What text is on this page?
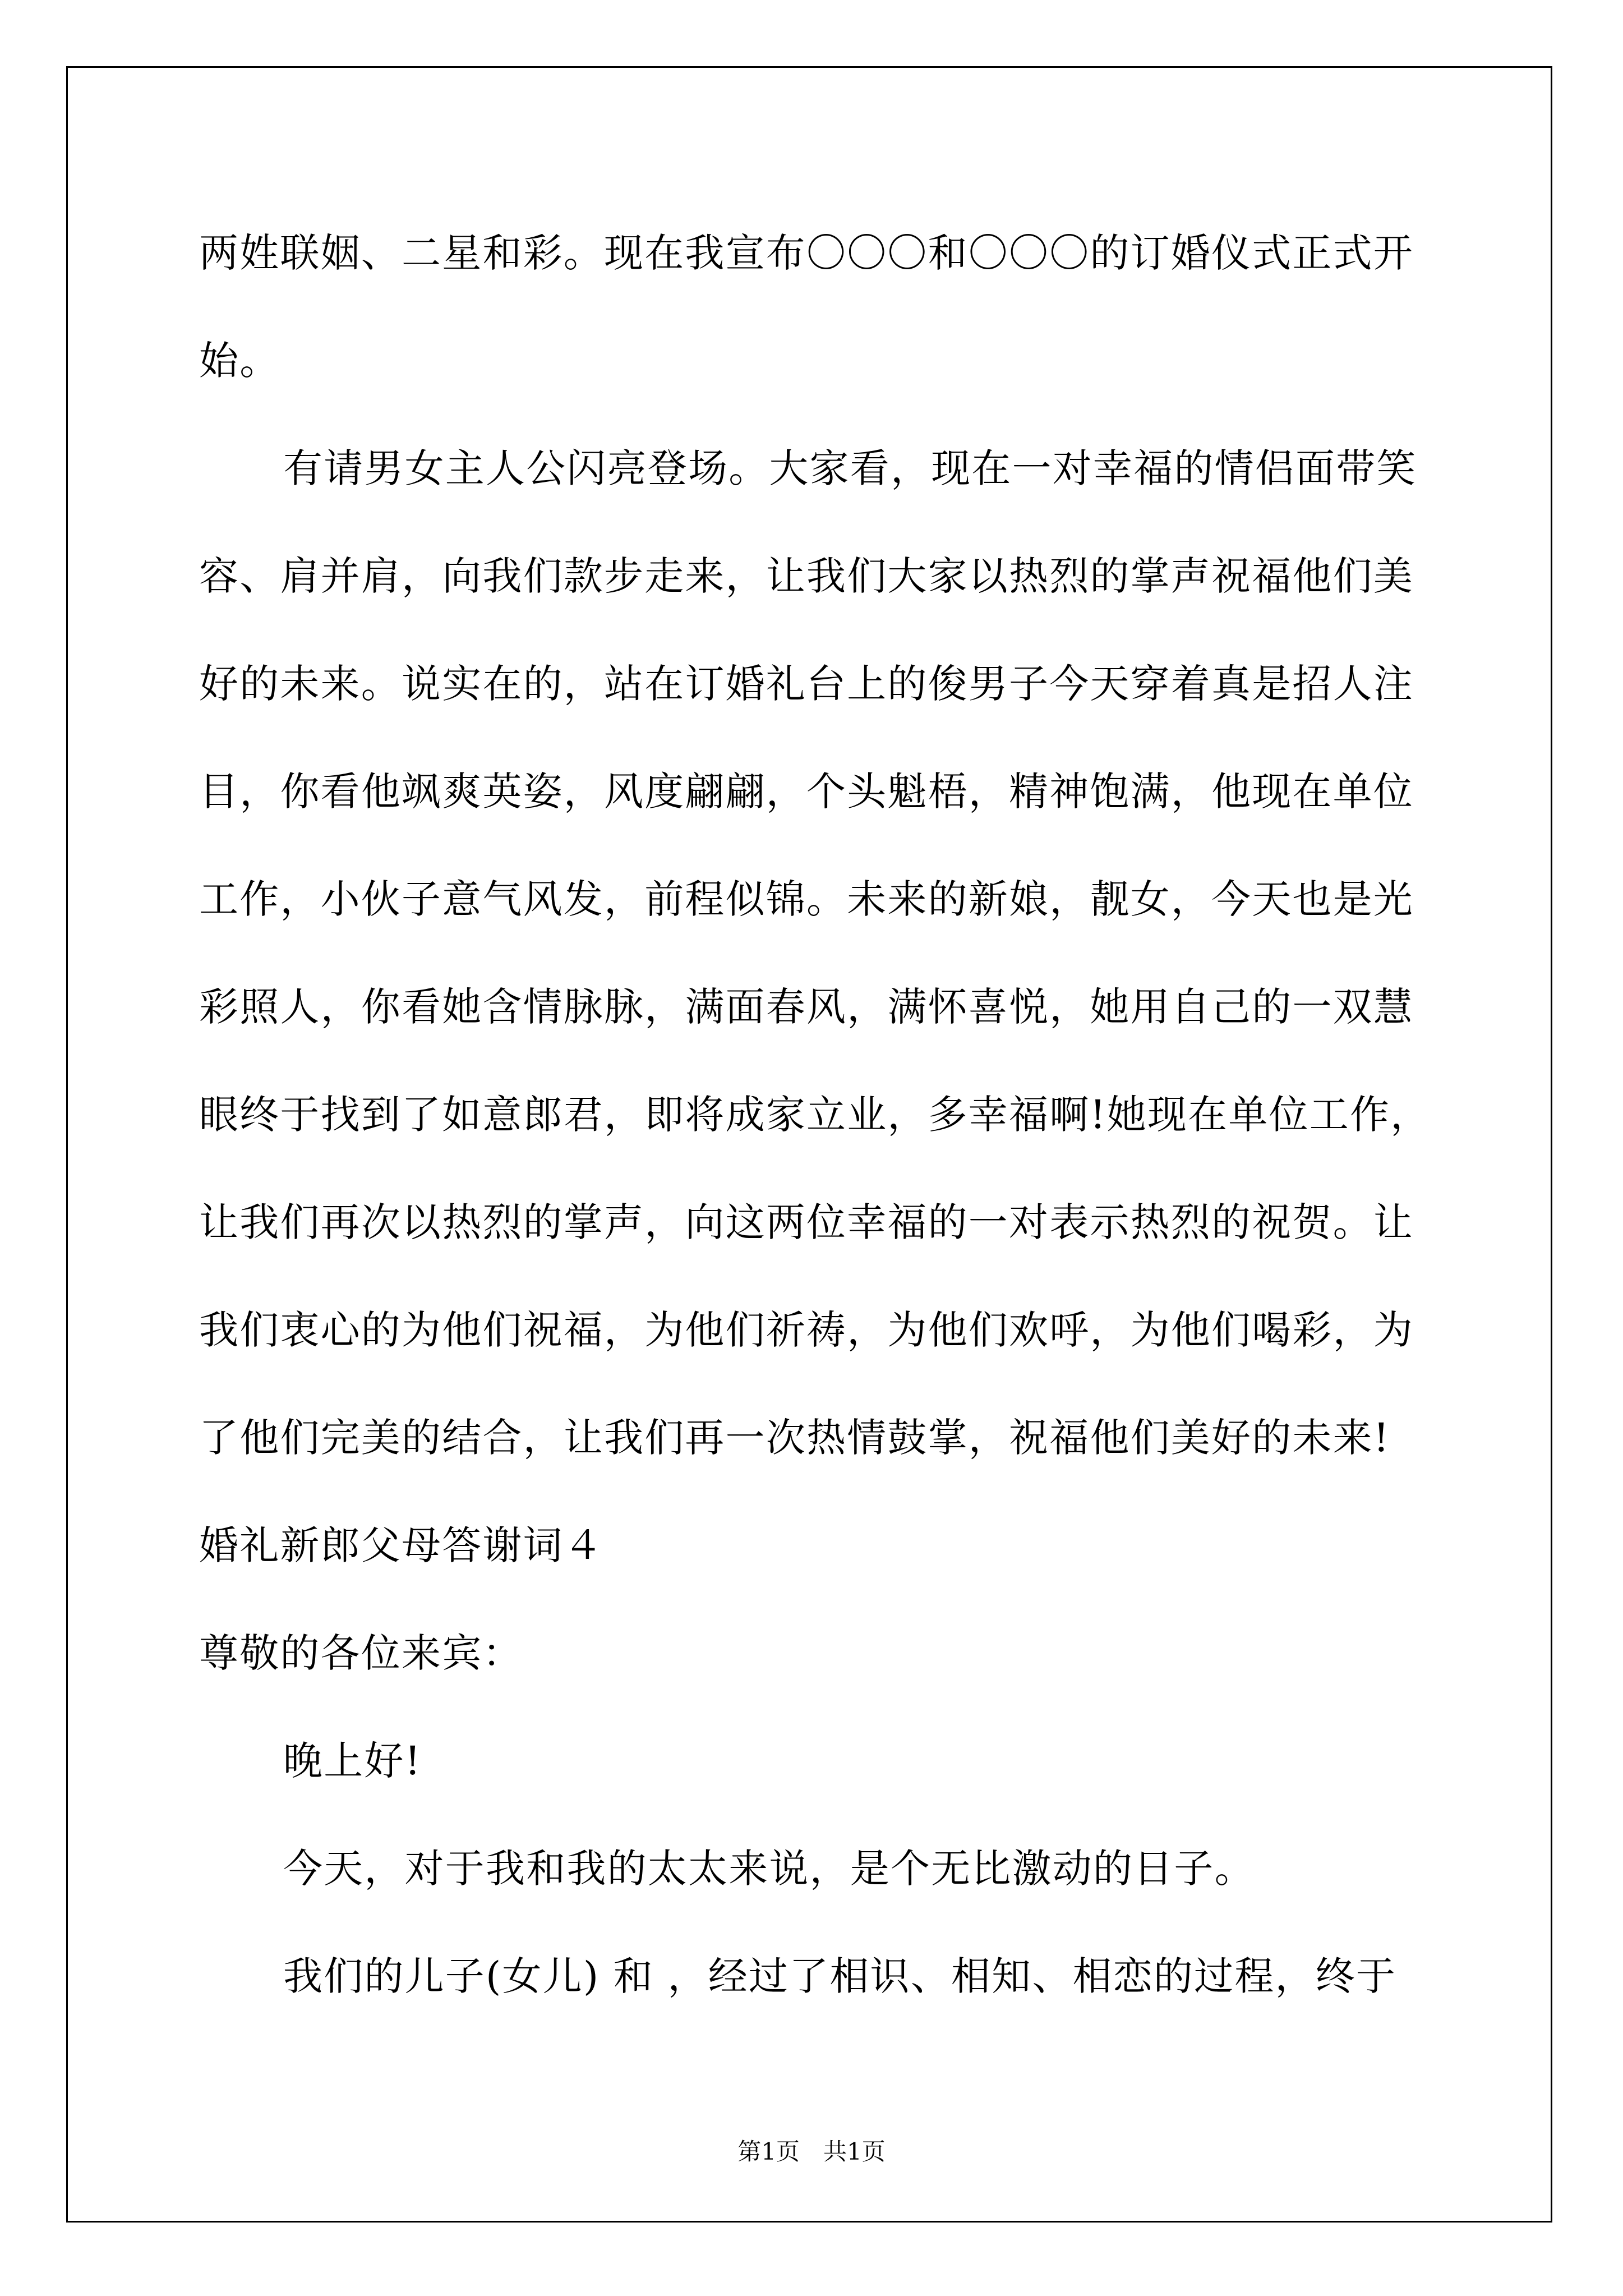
两姓联姻、二星和彩。现在我宣布〇〇〇和〇〇〇的订婚仪式正式开
始。
有请男女主人公闪亮登场。大家看，现在一对幸福的情侣面带笑
容、肩并肩，向我们款步走来，让我们大家以热烈的掌声祝福他们美
好的未来。说实在的，站在订婚礼台上的俊男子今天穿着真是招人注
目，你看他飒爽英姿，风度翩翩，个头魁梧，精神饱满，他现在单位
工作，小伙子意气风发，前程似锦。未来的新娘，靓女，今天也是光
彩照人，你看她含情脉脉，满面春风，满怀喜悦，她用自己的一双慧
眼终于找到了如意郎君，即将成家立业，多幸福啊!她现在单位工作，
让我们再次以热烈的掌声，向这两位幸福的一对表示热烈的祝贺。让
我们衷心的为他们祝福，为他们祈祷，为他们欢呼，为他们喝彩，为
了他们完美的结合，让我们再一次热情鼓掌，祝福他们美好的未来!
婚礼新郎父母答谢词４
尊敬的各位来宾：
晚上好!
今天，对于我和我的太太来说，是个无比激动的日子。
我们的儿子(女儿) 和 ，经过了相识、相知、相恋的过程，终于
第1页　共1页
